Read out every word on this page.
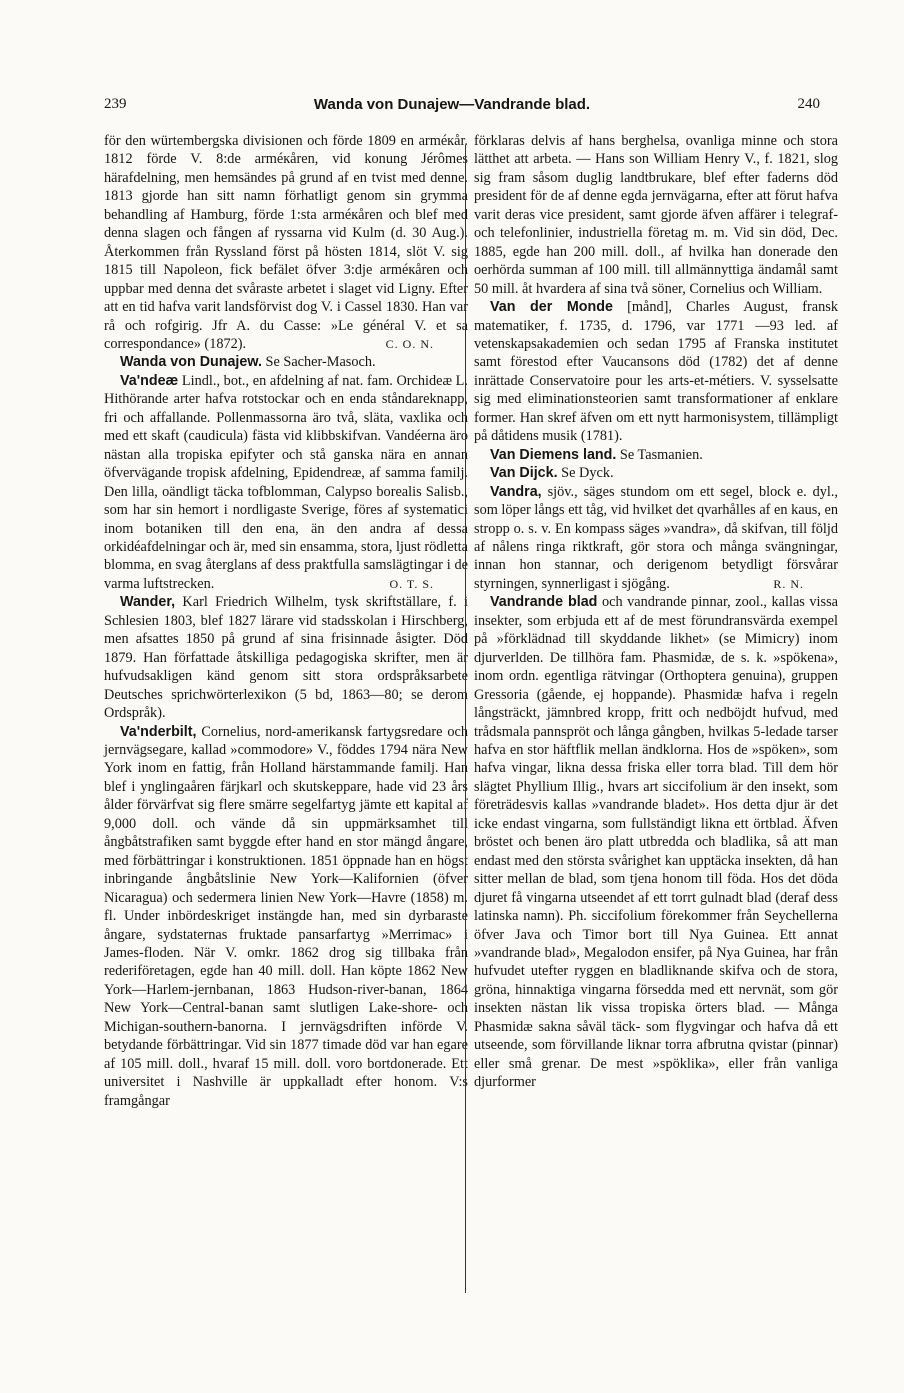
239	Wanda von Dunajew—Vandrande blad.	240

för den würtembergska divisionen och förde 1809 en arméкår. 1812 förde V. 8:de arméкåren, vid konung Jérômes härafdelning, men hemsändes på grund af en tvist med denne. 1813 gjorde han sitt namn förhatligt genom sin grymma behandling af Hamburg, förde 1:sta arméкåren och blef med denna slagen och fången af ryssarna vid Kulm (d. 30 Aug.). Återkommen från Ryssland först på hösten 1814, slöt V. sig 1815 till Napoleon, fick befälet öfver 3:dje arméкåren och uppbar med denna det svåraste arbetet i slaget vid Ligny. Efter att en tid hafva varit landsförvist dog V. i Cassel 1830. Han var rå och rofgirig. Jfr A. du Casse: »Le général V. et sa correspondance» (1872).	C. O. N.

Wanda von Dunajew. Se Sacher-Masoch.

Va'ndeæ Lindl., bot., en afdelning af nat. fam. Orchideæ L. Hithörande arter hafva rotstockar och en enda ståndareknapp, fri och affallande. Pollenmassorna äro två, släta, vaxlika och med ett skaft (caudicula) fästa vid klibbskifvan. Vandéerna äro nästan alla tropiska epifyter och stå ganska nära en annan öfvervägande tropisk afdelning, Epidendreæ, af samma familj. Den lilla, oändligt täcka tofblomman, Calypso borealis Salisb., som har sin hemort i nordligaste Sverige, föres af systematici inom botaniken till den ena, än den andra af dessa orkidéafdelningar och är, med sin ensamma, stora, ljust rödletta blomma, en svag återglans af dess praktfulla samslägtingar i de varma luftstrecken.	O. T. S.

Wander, Karl Friedrich Wilhelm, tysk skriftställare, f. i Schlesien 1803, blef 1827 lärare vid stadsskolan i Hirschberg, men afsattes 1850 på grund af sina frisinnade åsigter. Död 1879. Han författade åtskilliga pedagogiska skrifter, men är hufvudsakligen känd genom sitt stora ordspråksarbete Deutsches sprichwörterlexikon (5 bd, 1863—80; se derom Ordspråk).

Va'nderbilt, Cornelius, nord-amerikansk fartygsredare och jernvägsegare, kallad »commodore» V., föddes 1794 nära New York inom en fattig, från Holland härstammande familj. Han blef i ynglingaåren färjkarl och skutskeppare, hade vid 23 års ålder förvärfvat sig flere smärre segelfartyg jämte ett kapital af 9,000 doll. och vände då sin uppmärksamhet till ångbåtstrafiken samt byggde efter hand en stor mängd ångare, med förbättringar i konstruktionen. 1851 öppnade han en högst inbringande ångbåtslinie New York—Kalifornien (öfver Nicaragua) och sedermera linien New York—Havre (1858) m. fl. Under inbördeskriget instängde han, med sin dyrbaraste ångare, sydstaternas fruktade pansarfartyg »Merrimac» i James-floden. När V. omkr. 1862 drog sig tillbaka från rederiföretagen, egde han 40 mill. doll. Han köpte 1862 New York—Harlem-jernbanan, 1863 Hudson-river-banan, 1864 New York—Central-banan samt slutligen Lake-shore- och Michigan-southern-banorna. I jernvägsdriften införde V. betydande förbättringar. Vid sin 1877 timade död var han egare af 105 mill. doll., hvaraf 15 mill. doll. voro bortdonerade. Ett universitet i Nashville är uppkalladt efter honom. V:s framgångar

förklaras delvis af hans berghelsa, ovanliga minne och stora lätthet att arbeta. — Hans son William Henry V., f. 1821, slog sig fram såsom duglig landtbrukare, blef efter faderns död president för de af denne egda jernvägarna, efter att förut hafva varit deras vice president, samt gjorde äfven affärer i telegraf- och telefonlinier, industriella företag m. m. Vid sin död, Dec. 1885, egde han 200 mill. doll., af hvilka han donerade den oerhörda summan af 100 mill. till allmännyttiga ändamål samt 50 mill. åt hvardera af sina två söner, Cornelius och William.

Van der Monde [månd], Charles August, fransk matematiker, f. 1735, d. 1796, var 1771 —93 led. af vetenskapsakademien och sedan 1795 af Franska institutet samt förestod efter Vaucansons död (1782) det af denne inrättade Conservatoire pour les arts-et-métiers. V. sysselsatte sig med eliminationsteorien samt transformationer af enklare former. Han skref äfven om ett nytt harmonisystem, tillämpligt på dåtidens musik (1781).

Van Diemens land. Se Tasmanien.

Van Dijck. Se Dyck.

Vandra, sjöv., säges stundom om ett segel, block e. dyl., som löper långs ett tåg, vid hvilket det qvarhålles af en kaus, en stropp o. s. v. En kompass säges »vandra», då skifvan, till följd af nålens ringa riktkraft, gör stora och många svängningar, innan hon stannar, och derigenom betydligt försvårar styrningen, synnerligast i sjögång.	R. N.

Vandrande blad och vandrande pinnar, zool., kallas vissa insekter, som erbjuda ett af de mest förundransvärda exempel på »förklädnad till skyddande likhet» (se Mimicry) inom djurverlden. De tillhöra fam. Phasmidæ, de s. k. »spökena», inom ordn. egentliga rätvingar (Orthoptera genuina), gruppen Gressoria (gående, ej hoppande). Phasmidæ hafva i regeln långsträckt, jämnbred kropp, fritt och nedböjdt hufvud, med trådsmala pannspröt och långa gångben, hvilkas 5-ledade tarser hafva en stor häftflik mellan ändklorna. Hos de »spöken», som hafva vingar, likna dessa friska eller torra blad. Till dem hör slägtet Phyllium Illig., hvars art siccifolium är den insekt, som företrädesvis kallas »vandrande bladet». Hos detta djur är det icke endast vingarna, som fullständigt likna ett örtblad. Äfven bröstet och benen äro platt utbredda och bladlika, så att man endast med den största svårighet kan upptäcka insekten, då han sitter mellan de blad, som tjena honom till föda. Hos det döda djuret få vingarna utseendet af ett torrt gulnadt blad (deraf dess latinska namn). Ph. siccifolium förekommer från Seychellerna öfver Java och Timor bort till Nya Guinea. Ett annat »vandrande blad», Megalodon ensifer, på Nya Guinea, har från hufvudet utefter ryggen en bladliknande skifva och de stora, gröna, hinnaktiga vingarna försedda med ett nervnät, som gör insekten nästan lik vissa tropiska örters blad. — Många Phasmidæ sakna såväl täck- som flygvingar och hafva då ett utseende, som förvillande liknar torra afbrutna qvistar (pinnar) eller små grenar. De mest »spöklika», eller från vanliga djurformer
